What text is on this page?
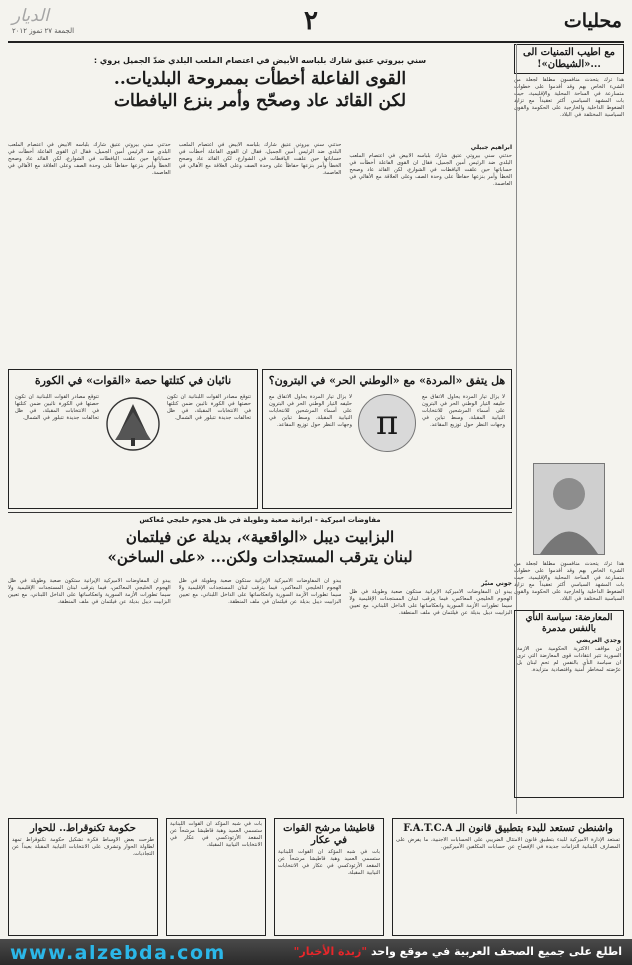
محليات
٢
الديار
الجمعة ٢٧ تموز ٢٠١٢
مع اطيب التمنيات الى ...«الشيطان»!
هذا ترك يتحدث منافسون مطلقاً لجعلة من الشيء الخاص بهم وقد أقدموا على خطوات متسارعة في الساحة المحلية والإقليمية، حيث بات المشهد السياسي أكثر تعقيداً مع تزايد الضغوط الداخلية والخارجية على الحكومة والقوى السياسية المختلفة في البلاد.
هذا ترك يتحدث منافسون مطلقاً لجعلة من الشيء الخاص بهم وقد أقدموا على خطوات متسارعة في الساحة المحلية والإقليمية، حيث بات المشهد السياسي أكثر تعقيداً مع تزايد الضغوط الداخلية والخارجية على الحكومة والقوى السياسية المختلفة في البلاد.
سني بيروتي عتيق شارك بلباسه الأبيض في اعتصام الملعب البلدي ضدّ الجميل يروي :
القوى الفاعلة أخطأت بممروحة البلديات..
لكن القائد عاد وصحّح وأمر بنزع اليافطات
ابراهيم جبيلي
حدثني سني بيروتي عتيق شارك بلباسه الأبيض في اعتصام الملعب البلدي ضد الرئيس أمين الجميل، فقال ان القوى الفاعلة أخطأت في حساباتها حين علقت اليافطات في الشوارع، لكن القائد عاد وصحح الخطأ وأمر بنزعها حفاظاً على وحدة الصف وعلى العلاقة مع الأهالي في العاصمة.
حدثني سني بيروتي عتيق شارك بلباسه الأبيض في اعتصام الملعب البلدي ضد الرئيس أمين الجميل، فقال ان القوى الفاعلة أخطأت في حساباتها حين علقت اليافطات في الشوارع، لكن القائد عاد وصحح الخطأ وأمر بنزعها حفاظاً على وحدة الصف وعلى العلاقة مع الأهالي في العاصمة.
حدثني سني بيروتي عتيق شارك بلباسه الأبيض في اعتصام الملعب البلدي ضد الرئيس أمين الجميل، فقال ان القوى الفاعلة أخطأت في حساباتها حين علقت اليافطات في الشوارع، لكن القائد عاد وصحح الخطأ وأمر بنزعها حفاظاً على وحدة الصف وعلى العلاقة مع الأهالي في العاصمة.
هل يتفق «المردة» مع «الوطني الحر» في البترون؟
لا يزال تيار المردة يحاول الاتفاق مع حليفه التيار الوطني الحر في البترون على أسماء المرشحين للانتخابات النيابية المقبلة، وسط تباين في وجهات النظر حول توزيع المقاعد.
π
لا يزال تيار المردة يحاول الاتفاق مع حليفه التيار الوطني الحر في البترون على أسماء المرشحين للانتخابات النيابية المقبلة، وسط تباين في وجهات النظر حول توزيع المقاعد.
نائبان في كتلتها حصة «القوات» في الكورة
تتوقع مصادر القوات اللبنانية ان تكون حصتها في الكورة نائبين ضمن كتلتها في الانتخابات المقبلة، في ظل تحالفات جديدة تتبلور في الشمال.
تتوقع مصادر القوات اللبنانية ان تكون حصتها في الكورة نائبين ضمن كتلتها في الانتخابات المقبلة، في ظل تحالفات جديدة تتبلور في الشمال.
مفاوضات اميركية - ايرانية صعبة وطويلة في ظل هجوم خليجي مُعاكس
البزابيت ديبل «الواقعية»، بديلة عن فيلتمان
لبنان يترقب المستجدات ولكن... «على الساخن»
جوني منيّر
يبدو ان المفاوضات الأميركية الإيرانية ستكون صعبة وطويلة في ظل الهجوم الخليجي المعاكس، فيما يترقب لبنان المستجدات الإقليمية ولا سيما تطورات الأزمة السورية وانعكاساتها على الداخل اللبناني، مع تعيين البزابيت ديبل بديلة عن فيلتمان في ملف المنطقة.
يبدو ان المفاوضات الأميركية الإيرانية ستكون صعبة وطويلة في ظل الهجوم الخليجي المعاكس، فيما يترقب لبنان المستجدات الإقليمية ولا سيما تطورات الأزمة السورية وانعكاساتها على الداخل اللبناني، مع تعيين البزابيت ديبل بديلة عن فيلتمان في ملف المنطقة.
يبدو ان المفاوضات الأميركية الإيرانية ستكون صعبة وطويلة في ظل الهجوم الخليجي المعاكس، فيما يترقب لبنان المستجدات الإقليمية ولا سيما تطورات الأزمة السورية وانعكاساتها على الداخل اللبناني، مع تعيين البزابيت ديبل بديلة عن فيلتمان في ملف المنطقة.
المعارضة: سياسة النأي بالنفس مدمرة
وجدي العريضي
ان مواقف الأكثرية الحكومية من الأزمة السورية تثير انتقادات قوى المعارضة التي ترى ان سياسة النأي بالنفس لم تحمِ لبنان بل عرّضته لمخاطر أمنية واقتصادية متزايدة.
واشنطن تستعد للبدء بتطبيق قانون الـ F.A.T.C.A
تستعد الإدارة الأميركية للبدء بتطبيق قانون الامتثال الضريبي على الحسابات الأجنبية، ما يفرض على المصارف اللبنانية التزامات جديدة في الإفصاح عن حسابات المكلفين الأميركيين.
قاطيشا مرشح القوات في عكار
بات في شبه المؤكد ان القوات اللبنانية ستسمي العميد وهبة قاطيشا مرشحاً عن المقعد الأرثوذكسي في عكار في الانتخابات النيابية المقبلة.
بات في شبه المؤكد ان القوات اللبنانية ستسمي العميد وهبة قاطيشا مرشحاً عن المقعد الأرثوذكسي في عكار في الانتخابات النيابية المقبلة.
حكومة تكنوقراط.. للحوار
طرحت بعض الأوساط فكرة تشكيل حكومة تكنوقراط تمهد لطاولة الحوار وتشرف على الانتخابات النيابية المقبلة بعيداً عن التجاذبات.
www.alzebda.com	اطلع على جميع الصحف العربية في موقع واحد "زبدة الأخبار"
